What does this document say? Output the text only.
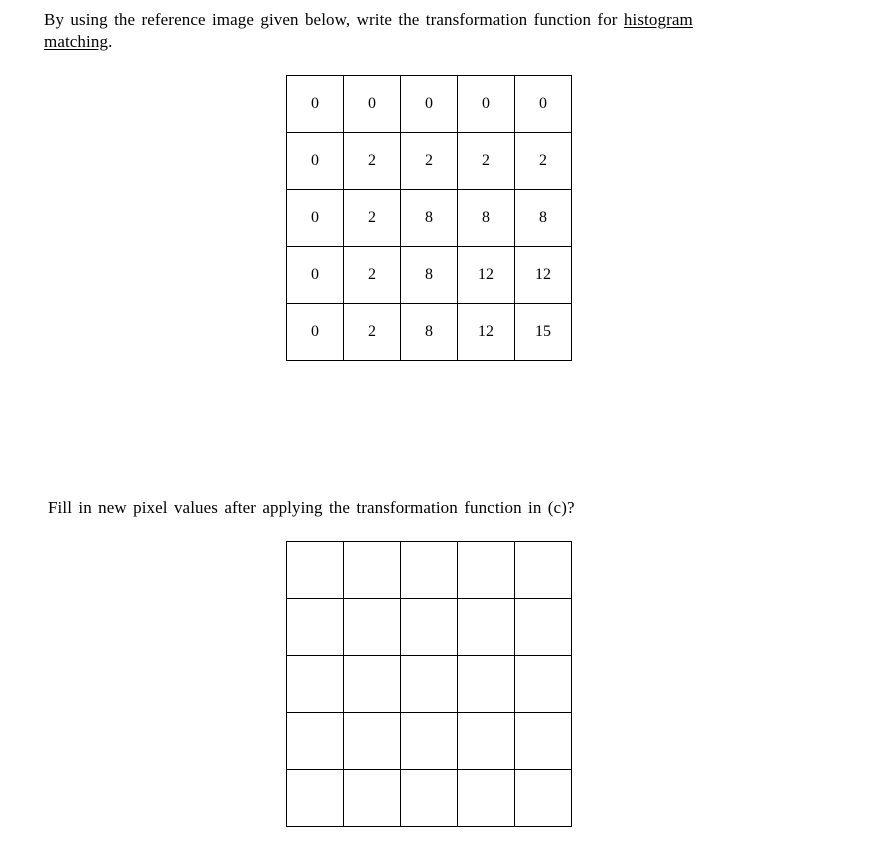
By using the reference image given below, write the transformation function for histogram
matching.
0	0	0	0	0
0	2	2	2	2
0	2	8	8	8
0	2	8	12	12
0	2	8	12	15
Fill in new pixel values after applying the transformation function in (c)?
